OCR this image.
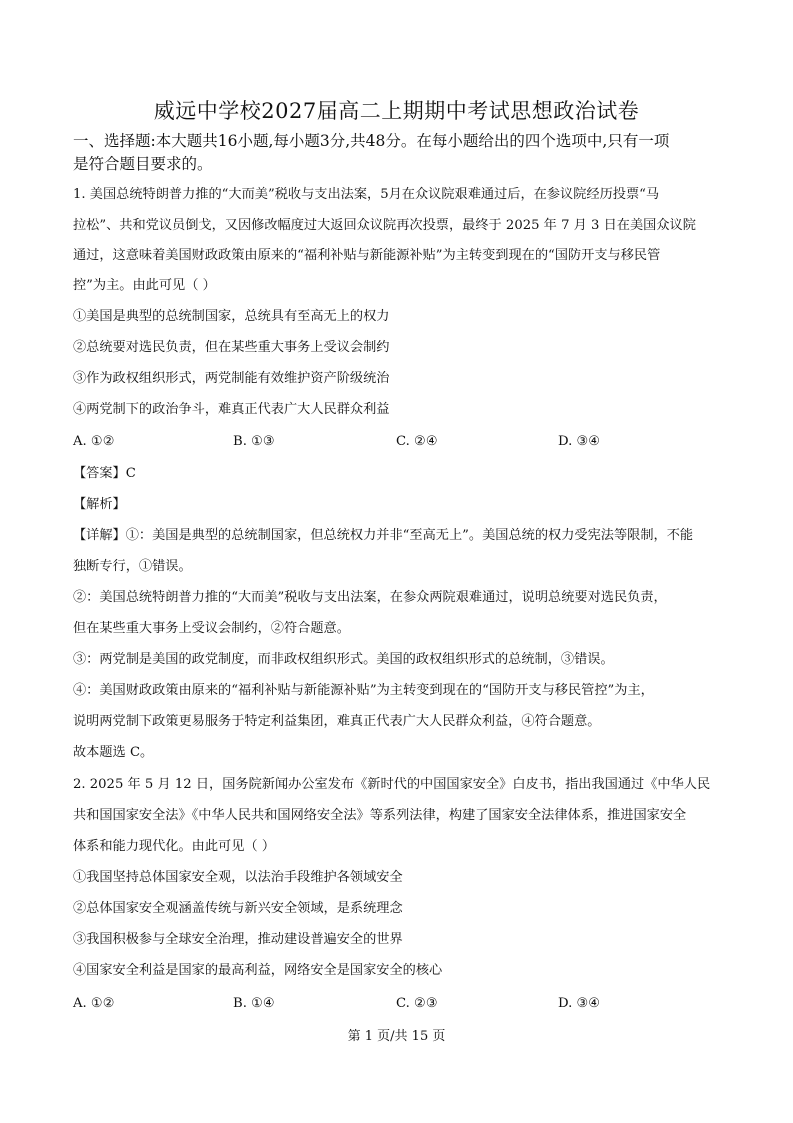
威远中学校2027届高二上期期中考试思想政治试卷
一、选择题:本大题共16小题,每小题3分,共48分。在每小题给出的四个选项中,只有一项
是符合题目要求的。
1. 美国总统特朗普力推的“大而美”税收与支出法案，5月在众议院艰难通过后，在参议院经历投票“马
拉松”、共和党议员倒戈，又因修改幅度过大返回众议院再次投票，最终于 2025 年 7 月 3 日在美国众议院
通过，这意味着美国财政政策由原来的“福利补贴与新能源补贴”为主转变到现在的“国防开支与移民管
控”为主。由此可见（ ）
①美国是典型的总统制国家，总统具有至高无上的权力
②总统要对选民负责，但在某些重大事务上受议会制约
③作为政权组织形式，两党制能有效维护资产阶级统治
④两党制下的政治争斗，难真正代表广大人民群众利益
A. ①②	B. ①③	C. ②④	D. ③④
【答案】C
【解析】
【详解】①：美国是典型的总统制国家，但总统权力并非“至高无上”。美国总统的权力受宪法等限制，不能
独断专行，①错误。
②：美国总统特朗普力推的“大而美”税收与支出法案，在参众两院艰难通过，说明总统要对选民负责，
但在某些重大事务上受议会制约，②符合题意。
③：两党制是美国的政党制度，而非政权组织形式。美国的政权组织形式的总统制，③错误。
④：美国财政政策由原来的“福利补贴与新能源补贴”为主转变到现在的“国防开支与移民管控”为主，
说明两党制下政策更易服务于特定利益集团，难真正代表广大人民群众利益，④符合题意。
故本题选 C。
2. 2025 年 5 月 12 日，国务院新闻办公室发布《新时代的中国国家安全》白皮书，指出我国通过《中华人民
共和国国家安全法》《中华人民共和国网络安全法》等系列法律，构建了国家安全法律体系，推进国家安全
体系和能力现代化。由此可见（ ）
①我国坚持总体国家安全观，以法治手段维护各领域安全
②总体国家安全观涵盖传统与新兴安全领域，是系统理念
③我国积极参与全球安全治理，推动建设普遍安全的世界
④国家安全利益是国家的最高利益，网络安全是国家安全的核心
A. ①②	B. ①④	C. ②③	D. ③④
第 1 页/共 15 页
